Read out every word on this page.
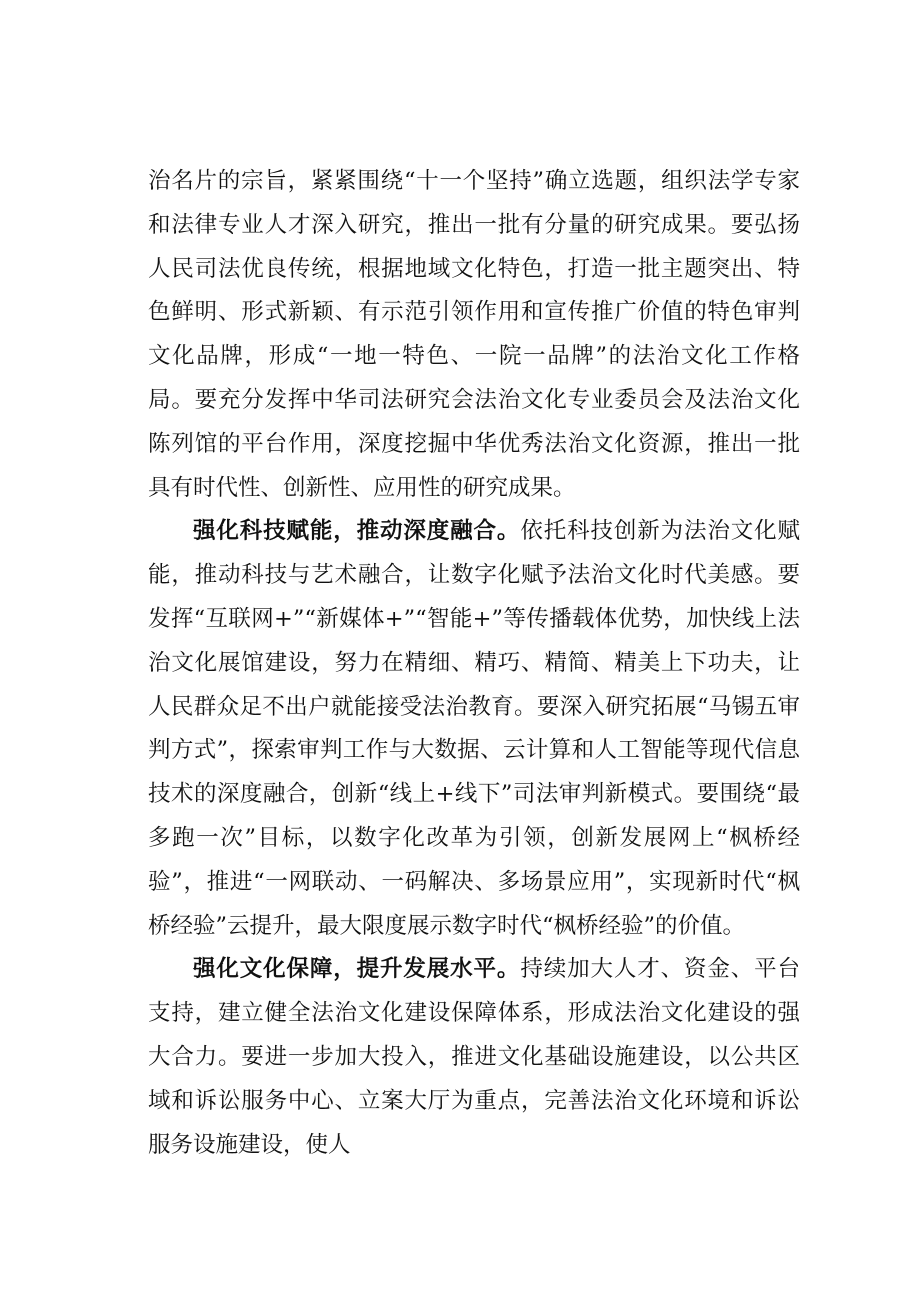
治名片的宗旨，紧紧围绕“十一个坚持”确立选题，组织法学专家和法律专业人才深入研究，推出一批有分量的研究成果。要弘扬人民司法优良传统，根据地域文化特色，打造一批主题突出、特色鲜明、形式新颖、有示范引领作用和宣传推广价值的特色审判文化品牌，形成“一地一特色、一院一品牌”的法治文化工作格局。要充分发挥中华司法研究会法治文化专业委员会及法治文化陈列馆的平台作用，深度挖掘中华优秀法治文化资源，推出一批具有时代性、创新性、应用性的研究成果。

强化科技赋能，推动深度融合。依托科技创新为法治文化赋能，推动科技与艺术融合，让数字化赋予法治文化时代美感。要发挥“互联网+”“新媒体+”“智能+”等传播载体优势，加快线上法治文化展馆建设，努力在精细、精巧、精简、精美上下功夫，让人民群众足不出户就能接受法治教育。要深入研究拓展“马锡五审判方式”，探索审判工作与大数据、云计算和人工智能等现代信息技术的深度融合，创新“线上+线下”司法审判新模式。要围绕“最多跑一次”目标，以数字化改革为引领，创新发展网上“枫桥经验”，推进“一网联动、一码解决、多场景应用”，实现新时代“枫桥经验”云提升，最大限度展示数字时代“枫桥经验”的价值。

强化文化保障，提升发展水平。持续加大人才、资金、平台支持，建立健全法治文化建设保障体系，形成法治文化建设的强大合力。要进一步加大投入，推进文化基础设施建设，以公共区域和诉讼服务中心、立案大厅为重点，完善法治文化环境和诉讼服务设施建设，使人
